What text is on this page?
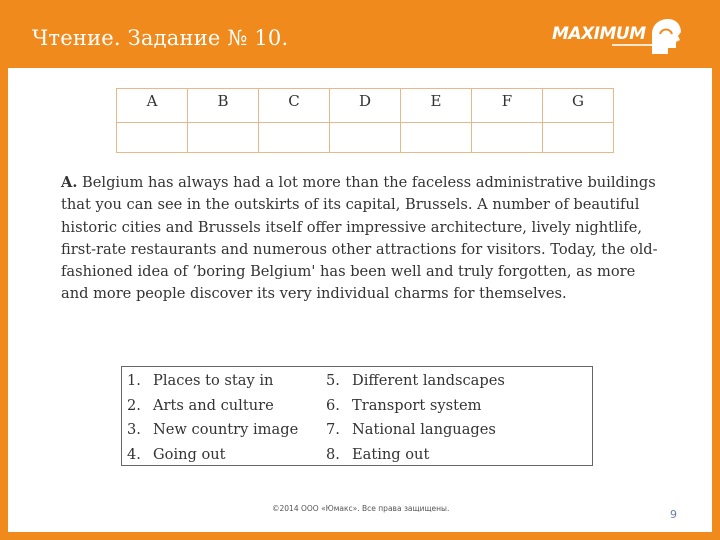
Чтение. Задание № 10.	MAXIMUM
A	B	C	D	E	F	G

A. Belgium has always had a lot more than the faceless administrative buildings that you can see in the outskirts of its capital, Brussels. A number of beautiful historic cities and Brussels itself offer impressive architecture, lively nightlife, first-rate restaurants and numerous other attractions for visitors. Today, the old-fashioned idea of ‘boring Belgium' has been well and truly forgotten, as more and more people discover its very individual charms for themselves.
1. Places to stay in
2. Arts and culture
3. New country image
4. Going out
5. Different landscapes
6. Transport system
7. National languages
8. Eating out
©2014 ООО «Юмакс». Все права защищены.	9
